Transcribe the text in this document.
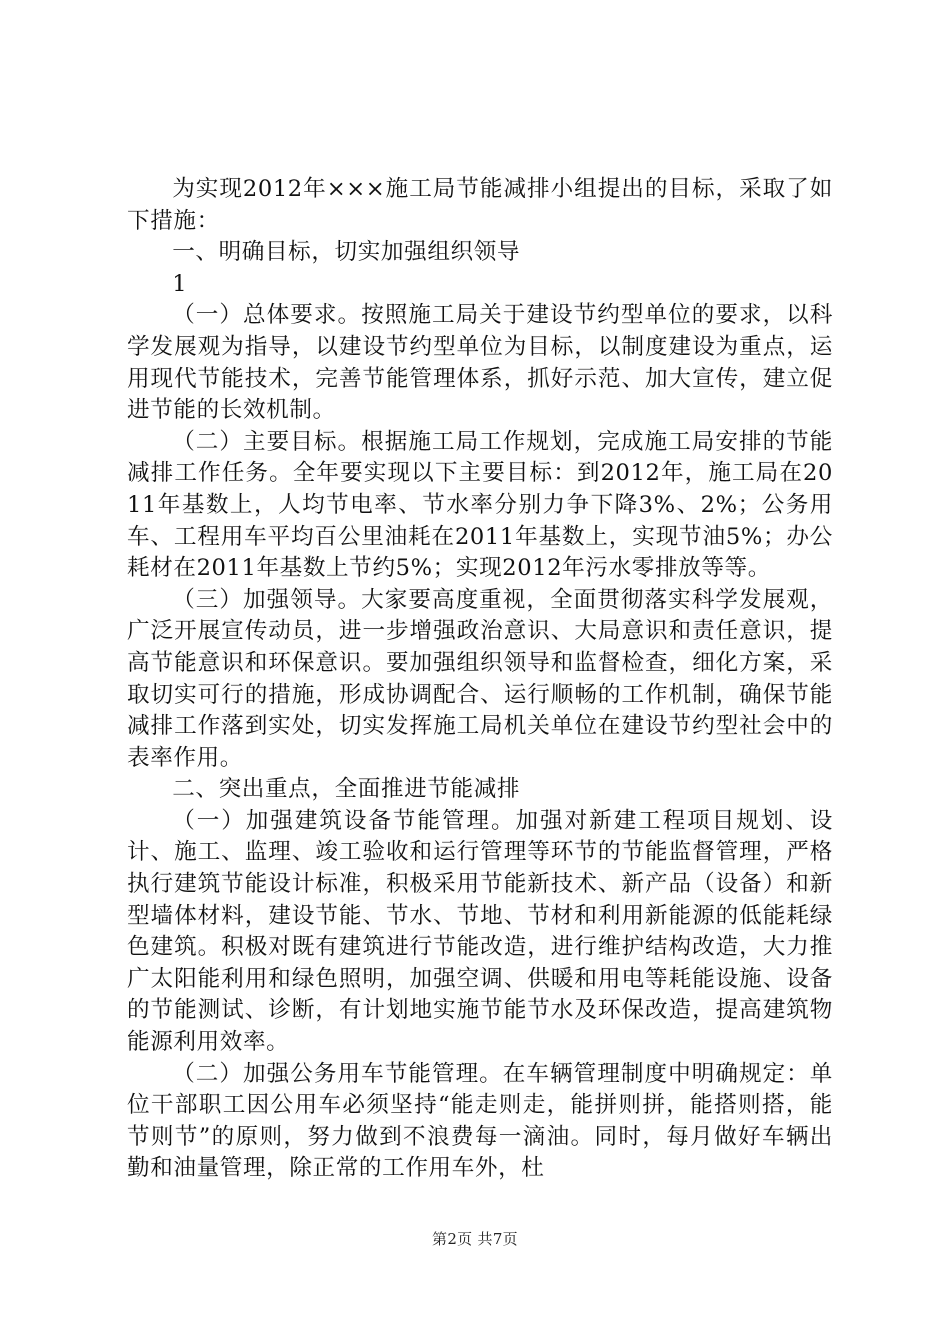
为实现2012年×××施工局节能减排小组提出的目标，采取了如下措施：

一、明确目标，切实加强组织领导

1

（一）总体要求。按照施工局关于建设节约型单位的要求，以科学发展观为指导，以建设节约型单位为目标，以制度建设为重点，运用现代节能技术，完善节能管理体系，抓好示范、加大宣传，建立促进节能的长效机制。

（二）主要目标。根据施工局工作规划，完成施工局安排的节能减排工作任务。全年要实现以下主要目标：到2012年，施工局在2011年基数上，人均节电率、节水率分别力争下降3%、2%；公务用车、工程用车平均百公里油耗在2011年基数上，实现节油5%；办公耗材在2011年基数上节约5%；实现2012年污水零排放等等。

（三）加强领导。大家要高度重视，全面贯彻落实科学发展观，广泛开展宣传动员，进一步增强政治意识、大局意识和责任意识，提高节能意识和环保意识。要加强组织领导和监督检查，细化方案，采取切实可行的措施，形成协调配合、运行顺畅的工作机制，确保节能减排工作落到实处，切实发挥施工局机关单位在建设节约型社会中的表率作用。

二、突出重点，全面推进节能减排

（一）加强建筑设备节能管理。加强对新建工程项目规划、设计、施工、监理、竣工验收和运行管理等环节的节能监督管理，严格执行建筑节能设计标准，积极采用节能新技术、新产品（设备）和新型墙体材料，建设节能、节水、节地、节材和利用新能源的低能耗绿色建筑。积极对既有建筑进行节能改造，进行维护结构改造，大力推广太阳能利用和绿色照明，加强空调、供暖和用电等耗能设施、设备的节能测试、诊断，有计划地实施节能节水及环保改造，提高建筑物能源利用效率。

（二）加强公务用车节能管理。在车辆管理制度中明确规定：单位干部职工因公用车必须坚持“能走则走，能拼则拼，能搭则搭，能节则节”的原则，努力做到不浪费每一滴油。同时，每月做好车辆出勤和油量管理，除正常的工作用车外，杜

第2页 共7页
